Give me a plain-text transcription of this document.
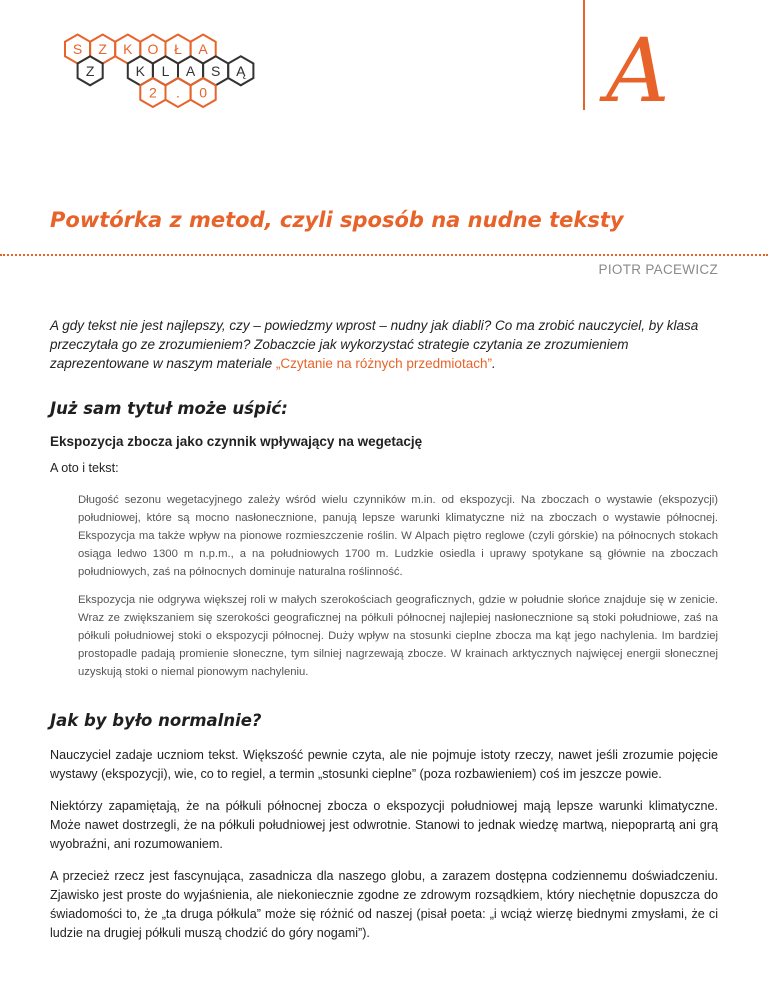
S Z K O Ł A
Z	K L A S Ą
2 . 0	A
Powtórka z metod, czyli sposób na nudne teksty
PIOTR PACEWICZ

A gdy tekst nie jest najlepszy, czy – powiedzmy wprost – nudny jak diabli? Co ma zrobić nauczyciel, by klasa przeczytała go ze zrozumieniem? Zobaczcie jak wykorzystać strategie czytania ze zrozumieniem zaprezentowane w naszym materiale „Czytanie na różnych przedmiotach”.

Już sam tytuł może uśpić:
Ekspozycja zbocza jako czynnik wpływający na wegetację

A oto i tekst:

Długość sezonu wegetacyjnego zależy wśród wielu czynników m.in. od ekspozycji. Na zboczach o wystawie (ekspozycji) południowej, które są mocno nasłonecznione, panują lepsze warunki klimatyczne niż na zboczach o wystawie północnej. Ekspozycja ma także wpływ na pionowe rozmieszczenie roślin. W Alpach piętro reglowe (czyli górskie) na północnych stokach osiąga ledwo 1300 m n.p.m., a na południowych 1700 m. Ludzkie osiedla i uprawy spotykane są głównie na zboczach południowych, zaś na północnych dominuje naturalna roślinność.

Ekspozycja nie odgrywa większej roli w małych szerokościach geograficznych, gdzie w południe słońce znajduje się w zenicie. Wraz ze zwiększaniem się szerokości geograficznej na półkuli północnej najlepiej nasłonecznione są stoki południowe, zaś na półkuli południowej stoki o ekspozycji północnej. Duży wpływ na stosunki cieplne zbocza ma kąt jego nachylenia. Im bardziej prostopadle padają promienie słoneczne, tym silniej nagrzewają zbocze. W krainach arktycznych najwięcej energii słonecznej uzyskują stoki o niemal pionowym nachyleniu.

Jak by było normalnie?

Nauczyciel zadaje uczniom tekst. Większość pewnie czyta, ale nie pojmuje istoty rzeczy, nawet jeśli zrozumie pojęcie wystawy (ekspozycji), wie, co to regiel, a termin „stosunki cieplne” (poza rozbawieniem) coś im jeszcze powie.

Niektórzy zapamiętają, że na półkuli północnej zbocza o ekspozycji południowej mają lepsze warunki klimatyczne. Może nawet dostrzegli, że na półkuli południowej jest odwrotnie. Stanowi to jednak wiedzę martwą, niepoprartą ani grą wyobraźni, ani rozumowaniem.

A przecież rzecz jest fascynująca, zasadnicza dla naszego globu, a zarazem dostępna codziennemu doświadczeniu. Zjawisko jest proste do wyjaśnienia, ale niekoniecznie zgodne ze zdrowym rozsądkiem, który niechętnie dopuszcza do świadomości to, że „ta druga półkula” może się różnić od naszej (pisał poeta: „i wciąż wierzę biednymi zmysłami, że ci ludzie na drugiej półkuli muszą chodzić do góry nogami”).
